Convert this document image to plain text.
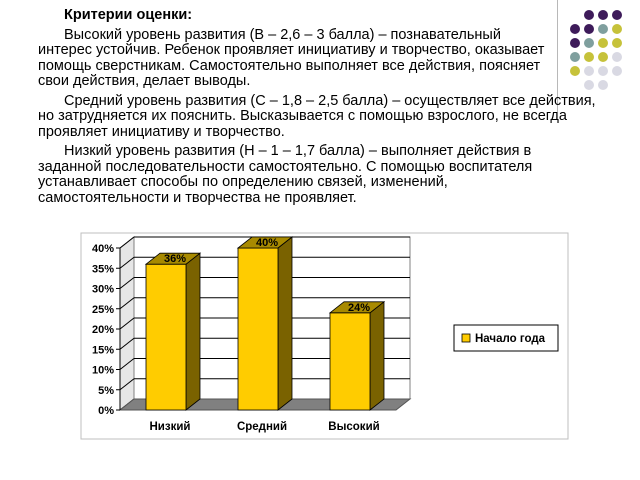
Критерии оценки:

Высокий уровень развития (В – 2,6 – 3 балла) – познавательный интерес устойчив. Ребенок проявляет инициативу и творчество, оказывает помощь сверстникам. Самостоятельно выполняет все действия, поясняет свои действия, делает выводы.

Средний уровень развития (С – 1,8 – 2,5 балла) – осуществляет все действия, но затрудняется их пояснить. Высказывается с помощью взрослого, не всегда проявляет инициативу и творчество.

Низкий уровень развития (Н – 1 – 1,7 балла) – выполняет действия в заданной последовательности самостоятельно. С помощью воспитателя устанавливает способы по определению связей, изменений, самостоятельности и творчества не проявляет.

0%
5%
10%
15%
20%
25%
30%
35%
40%
36%
Низкий
40%
Средний
24%
Высокий
Начало года
